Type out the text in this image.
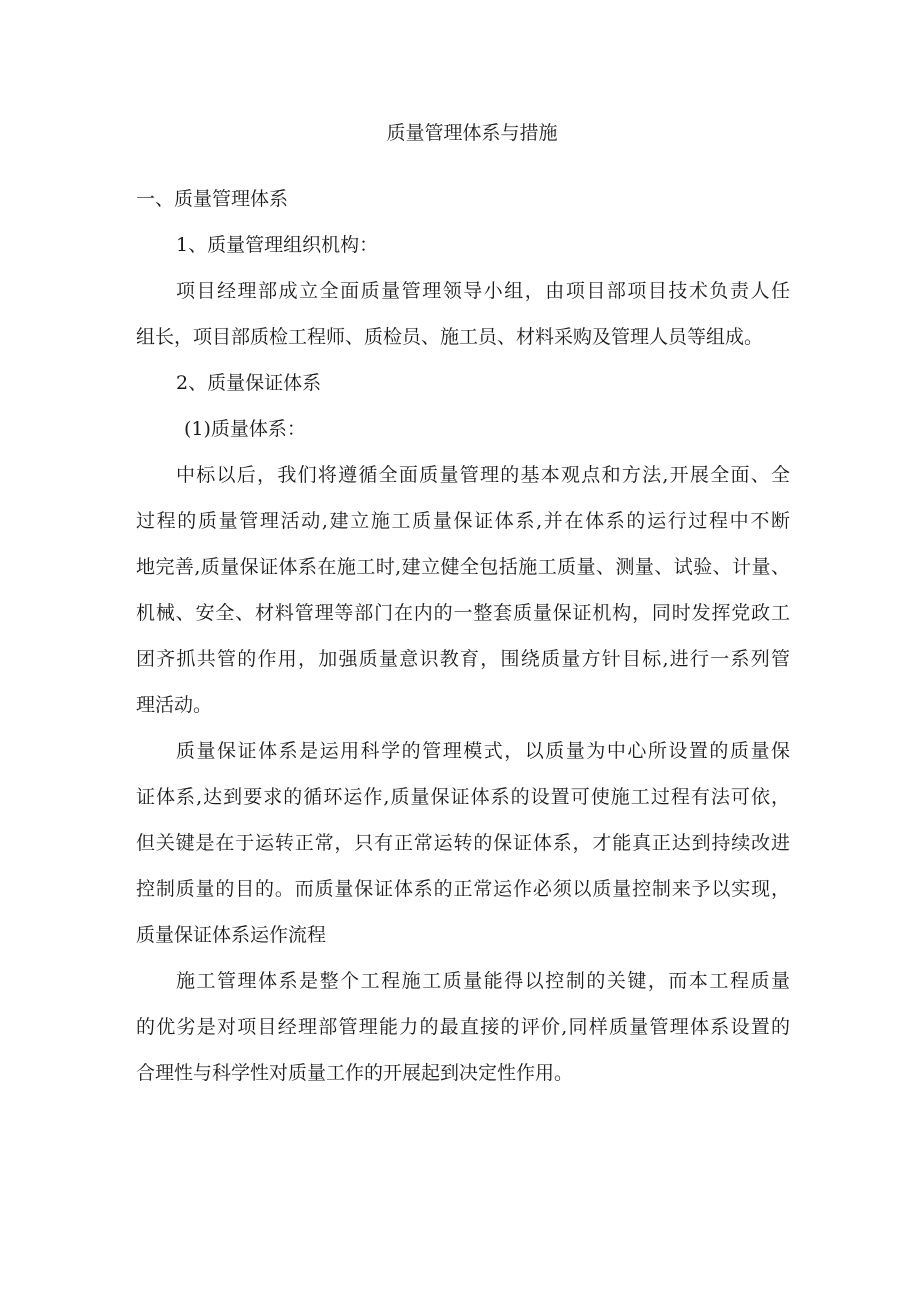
质量管理体系与措施

一、质量管理体系

1、质量管理组织机构：

项目经理部成立全面质量管理领导小组，由项目部项目技术负责人任

组长，项目部质检工程师、质检员、施工员、材料采购及管理人员等组成。

2、质量保证体系

(1)质量体系：

中标以后，我们将遵循全面质量管理的基本观点和方法,开展全面、全

过程的质量管理活动,建立施工质量保证体系,并在体系的运行过程中不断

地完善,质量保证体系在施工时,建立健全包括施工质量、测量、试验、计量、

机械、安全、材料管理等部门在内的一整套质量保证机构，同时发挥党政工

团齐抓共管的作用，加强质量意识教育，围绕质量方针目标,进行一系列管

理活动。

质量保证体系是运用科学的管理模式，以质量为中心所设置的质量保

证体系,达到要求的循环运作,质量保证体系的设置可使施工过程有法可依，

但关键是在于运转正常，只有正常运转的保证体系，才能真正达到持续改进

控制质量的目的。而质量保证体系的正常运作必须以质量控制来予以实现，

质量保证体系运作流程

施工管理体系是整个工程施工质量能得以控制的关键，而本工程质量

的优劣是对项目经理部管理能力的最直接的评价,同样质量管理体系设置的

合理性与科学性对质量工作的开展起到决定性作用。
